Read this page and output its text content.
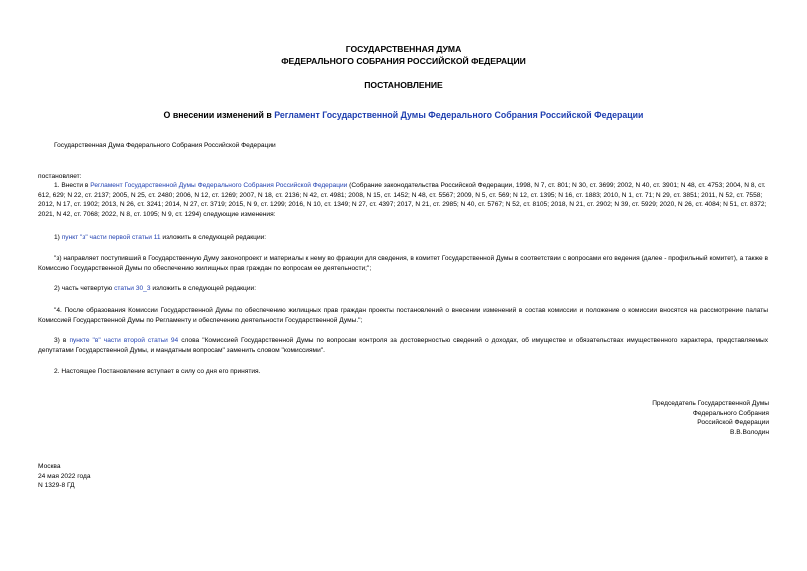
ГОСУДАРСТВЕННАЯ ДУМА
ФЕДЕРАЛЬНОГО СОБРАНИЯ РОССИЙСКОЙ ФЕДЕРАЦИИ
ПОСТАНОВЛЕНИЕ
О внесении изменений в Регламент Государственной Думы Федерального Собрания Российской Федерации
Государственная Дума Федерального Собрания Российской Федерации
постановляет:
1. Внести в Регламент Государственной Думы Федерального Собрания Российской Федерации (Собрание законодательства Российской Федерации, 1998, N 7, ст. 801; N 30, ст. 3699; 2002, N 40, ст. 3901; N 48, ст. 4753; 2004, N 8, ст. 612, 629; N 22, ст. 2137; 2005, N 25, ст. 2480; 2006, N 12, ст. 1269; 2007, N 18, ст. 2136; N 42, ст. 4981; 2008, N 15, ст. 1452; N 48, ст. 5567; 2009, N 5, ст. 569; N 12, ст. 1395; N 16, ст. 1883; 2010, N 1, ст. 71; N 29, ст. 3851; 2011, N 52, ст. 7558; 2012, N 17, ст. 1902; 2013, N 26, ст. 3241; 2014, N 27, ст. 3719; 2015, N 9, ст. 1299; 2016, N 10, ст. 1349; N 27, ст. 4397; 2017, N 21, ст. 2985; N 40, ст. 5767; N 52, ст. 8105; 2018, N 21, ст. 2902; N 39, ст. 5929; 2020, N 26, ст. 4084; N 51, ст. 8372; 2021, N 42, ст. 7068; 2022, N 8, ст. 1095; N 9, ст. 1294) следующие изменения:
1) пункт "з" части первой статьи 11 изложить в следующей редакции:
"з) направляет поступивший в Государственную Думу законопроект и материалы к нему во фракции для сведения, в комитет Государственной Думы в соответствии с вопросами его ведения (далее - профильный комитет), а также в Комиссию Государственной Думы по обеспечению жилищных прав граждан по вопросам ее деятельности;";
2) часть четвертую статьи 30_3 изложить в следующей редакции:
"4. После образования Комиссии Государственной Думы по обеспечению жилищных прав граждан проекты постановлений о внесении изменений в состав комиссии и положение о комиссии вносятся на рассмотрение палаты Комиссией Государственной Думы по Регламенту и обеспечению деятельности Государственной Думы.";
3) в пункте "в" части второй статьи 94 слова "Комиссией Государственной Думы по вопросам контроля за достоверностью сведений о доходах, об имуществе и обязательствах имущественного характера, представляемых депутатами Государственной Думы, и мандатным вопросам" заменить словом "комиссиями".
2. Настоящее Постановление вступает в силу со дня его принятия.
Председатель Государственной Думы
Федерального Собрания
Российской Федерации
В.В.Володин
Москва
24 мая 2022 года
N 1329-8 ГД
